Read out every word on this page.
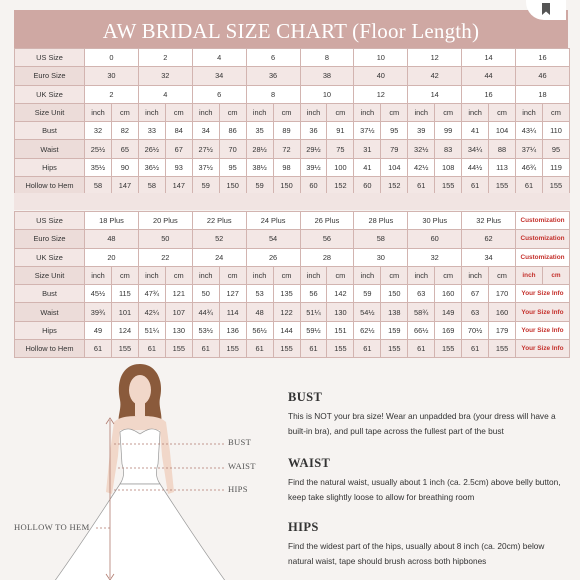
AW BRIDAL SIZE CHART (Floor Length)
US Size	0		2		4		6		8		10		12		14		16	
Euro Size	30		32		34		36		38		40		42		44		46	
UK Size	2		4		6		8		10		12		14		16		18	
Size Unit	inch	cm	inch	cm	inch	cm	inch	cm	inch	cm	inch	cm	inch	cm	inch	cm	inch	cm
Bust	32	82	33	84	34	86	35	89	36	91	37½	95	39	99	41	104	43¼	110
Waist	25½	65	26½	67	27½	70	28½	72	29½	75	31	79	32½	83	34¼	88	37¼	95
Hips	35½	90	36½	93	37½	95	38½	98	39½	100	41	104	42½	108	44½	113	46¾	119
Hollow to Hem	58	147	58	147	59	150	59	150	60	152	60	152	61	155	61	155	61	155
US Size	18 Plus		20 Plus		22 Plus		24 Plus		26 Plus		28 Plus		30 Plus		32 Plus		Customization	
Euro Size	48		50		52		54		56		58		60		62		Customization	
UK Size	20		22		24		26		28		30		32		34		Customization	
Size Unit	inch	cm	inch	cm	inch	cm	inch	cm	inch	cm	inch	cm	inch	cm	inch	cm	inch	cm
Bust	45½	115	47¾	121	50	127	53	135	56	142	59	150	63	160	67	170	Your Size Info	
Waist	39¾	101	42¼	107	44¾	114	48	122	51¼	130	54½	138	58¾	149	63	160	Your Size Info	
Hips	49	124	51¼	130	53½	136	56½	144	59½	151	62½	159	66½	169	70½	179	Your Size Info	
Hollow to Hem	61	155	61	155	61	155	61	155	61	155	61	155	61	155	61	155	Your Size Info	
BUST
WAIST
HIPS
HOLLOW TO HEM
BUST

This is NOT your bra size! Wear an unpadded bra (your dress will have a built-in bra), and pull tape across the fullest part of the bust

WAIST

Find the natural waist, usually about 1 inch (ca. 2.5cm) above belly button, keep take slightly loose to allow for breathing room

HIPS

Find the widest part of the hips, usually about 8 inch (ca. 20cm) below natural waist, tape should brush across both hipbones
